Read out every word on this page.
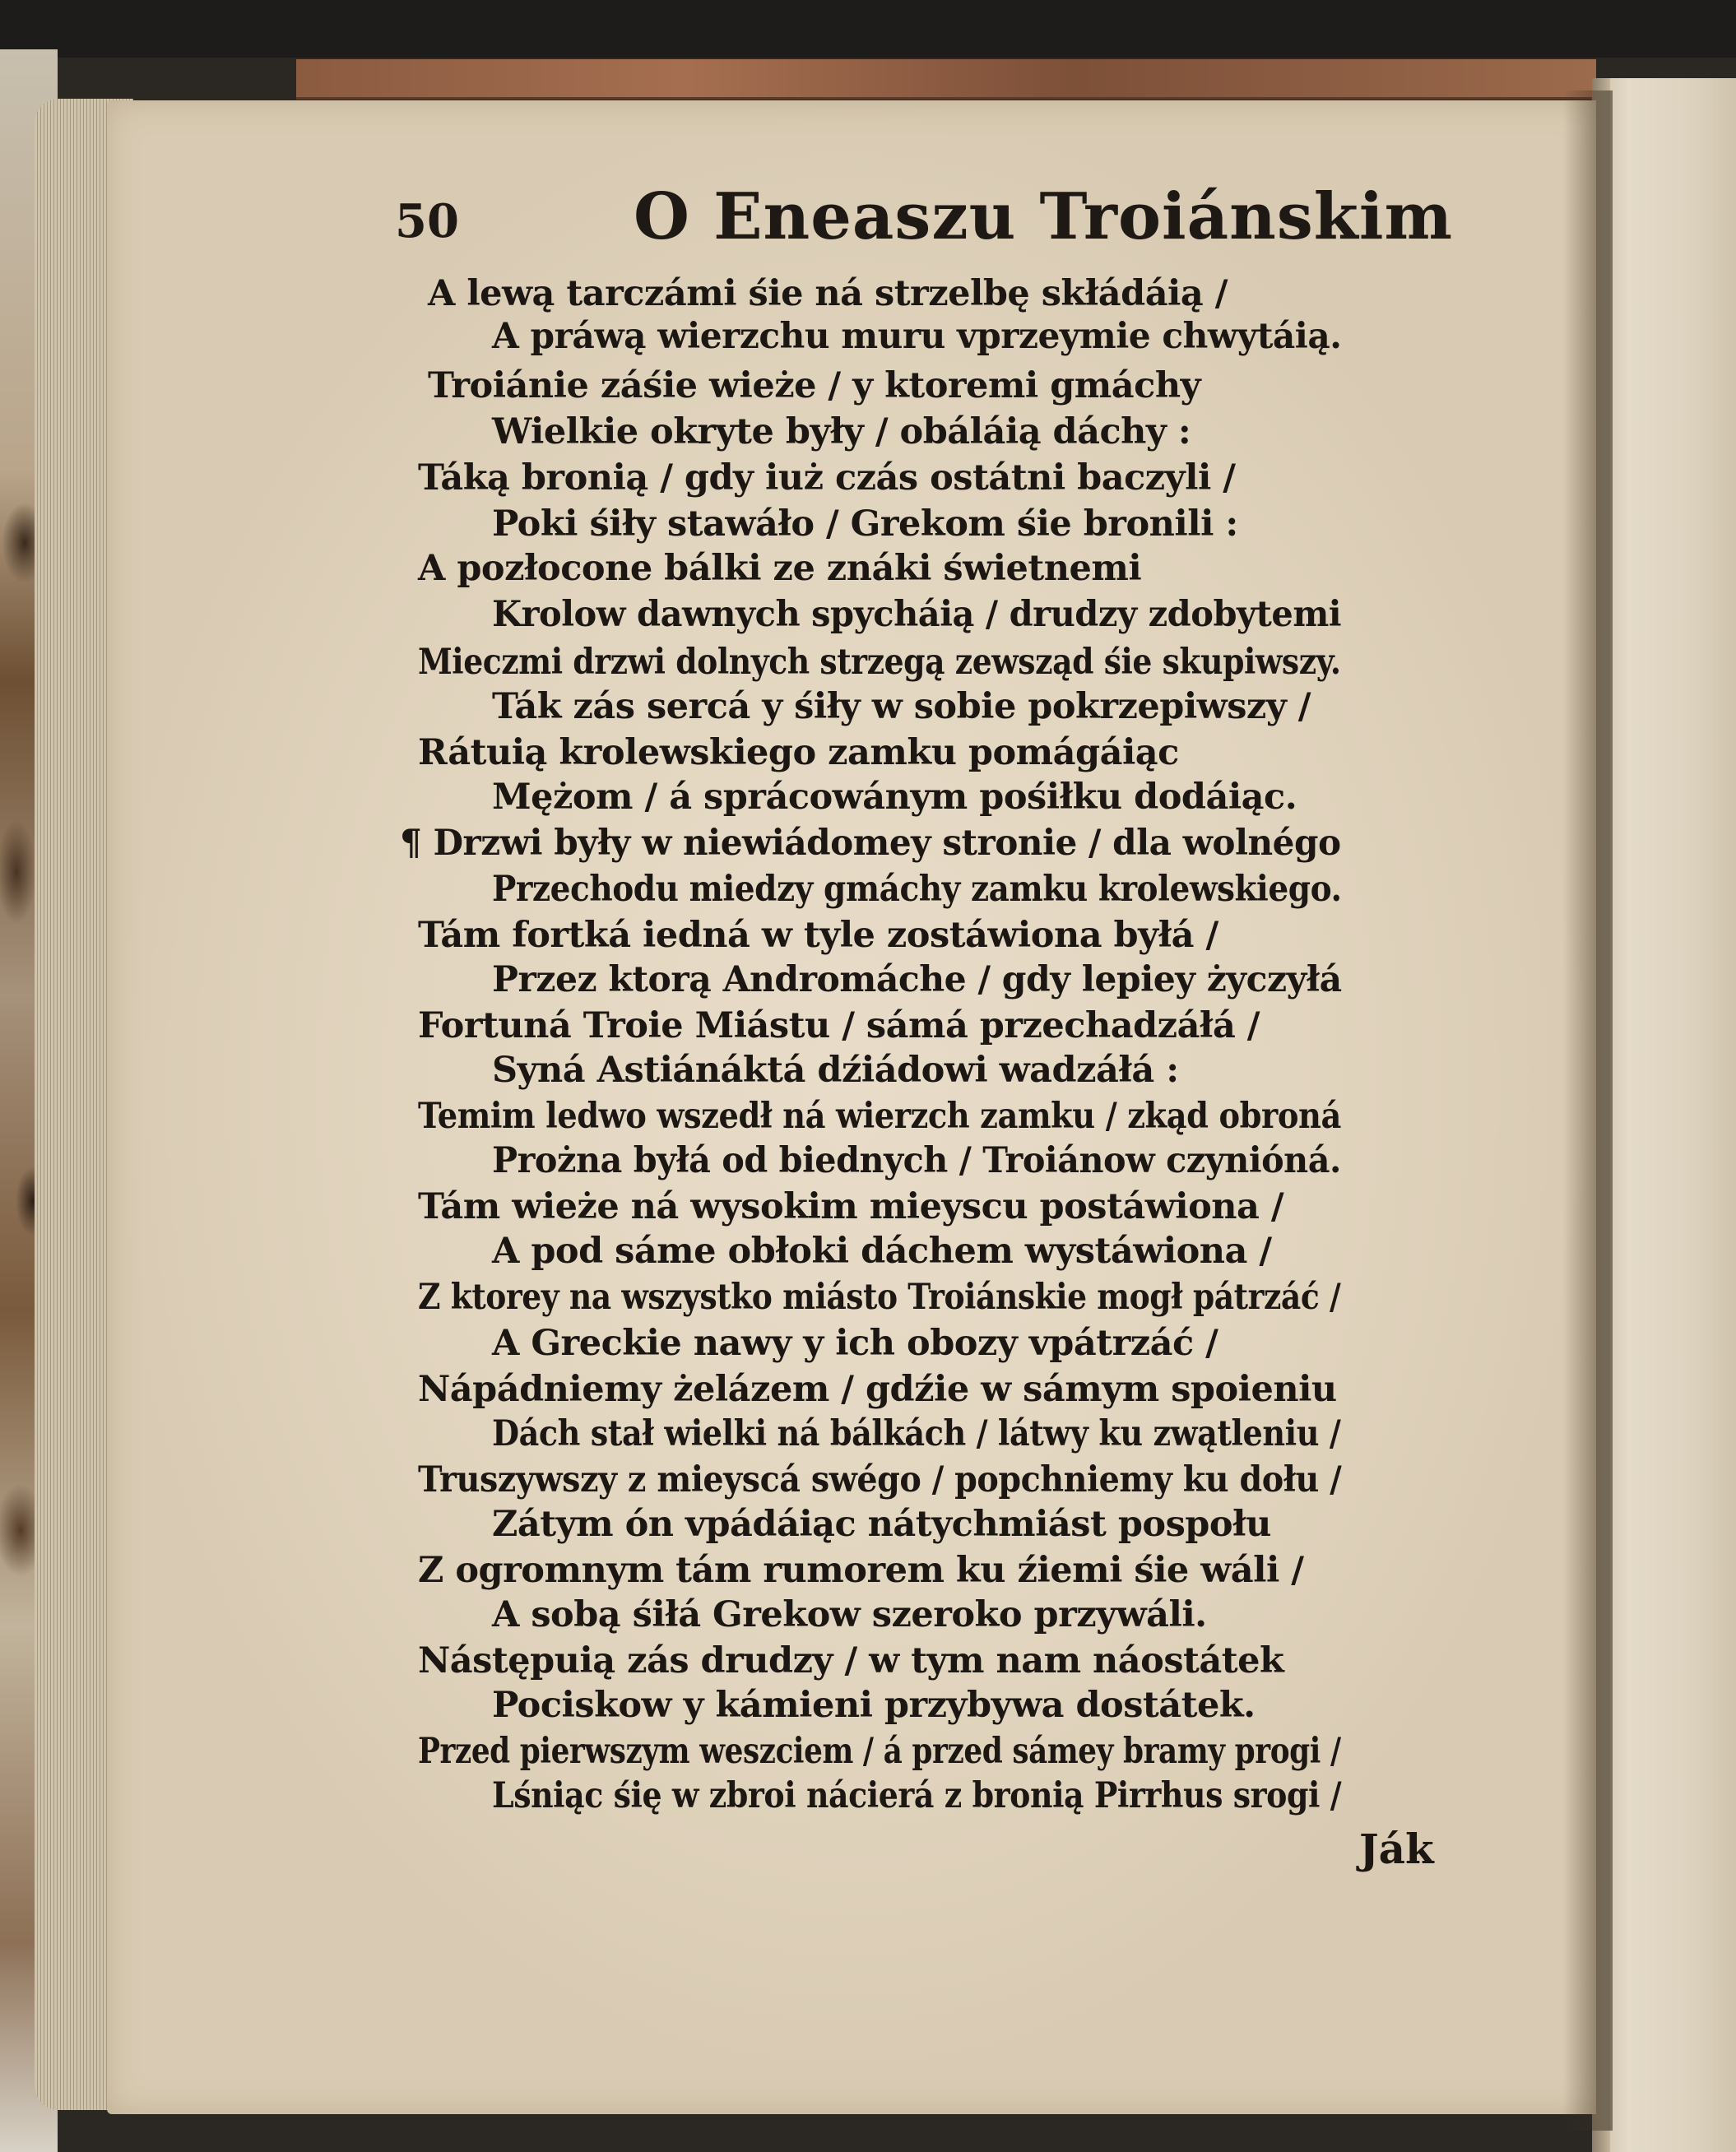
50	O Eneaszu Troiánskim
A lewą tarczámi śie ná strzelbę skłádáią /
A práwą wierzchu muru vprzeymie chwytáią.
Troiánie záśie wieże / y ktoremi gmáchy
Wielkie okryte były / obáláią dáchy :
Táką bronią / gdy iuż czás ostátni baczyli /
Poki śiły stawáło / Grekom śie bronili :
A pozłocone bálki ze znáki świetnemi
Krolow dawnych spycháią / drudzy zdobytemi
Mieczmi drzwi dolnych strzegą zewsząd śie skupiwszy.
Ták zás sercá y śiły w sobie pokrzepiwszy /
Rátuią krolewskiego zamku pomágáiąc
Mężom / á sprácowánym pośiłku dodáiąc.
¶ Drzwi były w niewiádomey stronie / dla wolnégo
Przechodu miedzy gmáchy zamku krolewskiego.
Tám fortká iedná w tyle zostáwiona byłá /
Przez ktorą Andromáche / gdy lepiey życzyłá
Fortuná Troie Miástu / sámá przechadzáłá /
Syná Astiánáktá dźiádowi wadzáłá :
Temim ledwo wszedł ná wierzch zamku / zkąd obroná
Prożna byłá od biednych / Troiánow czynióná.
Tám wieże ná wysokim mieyscu postáwiona /
A pod sáme obłoki dáchem wystáwiona /
Z ktorey na wszystko miásto Troiánskie mogł pátrzáć /
A Greckie nawy y ich obozy vpátrzáć /
Nápádniemy żelázem / gdźie w sámym spoieniu
Dách stał wielki ná bálkách / látwy ku zwątleniu /
Truszywszy z mieyscá swégo / popchniemy ku dołu /
Zátym ón vpádáiąc nátychmiást pospołu
Z ogromnym tám rumorem ku źiemi śie wáli /
A sobą śiłá Grekow szeroko przywáli.
Nástępuią zás drudzy / w tym nam náostátek
Pociskow y kámieni przybywa dostátek.
Przed pierwszym weszciem / á przed sámey bramy progi /
Lśniąc śię w zbroi nácierá z bronią Pirrhus srogi /
Ják
